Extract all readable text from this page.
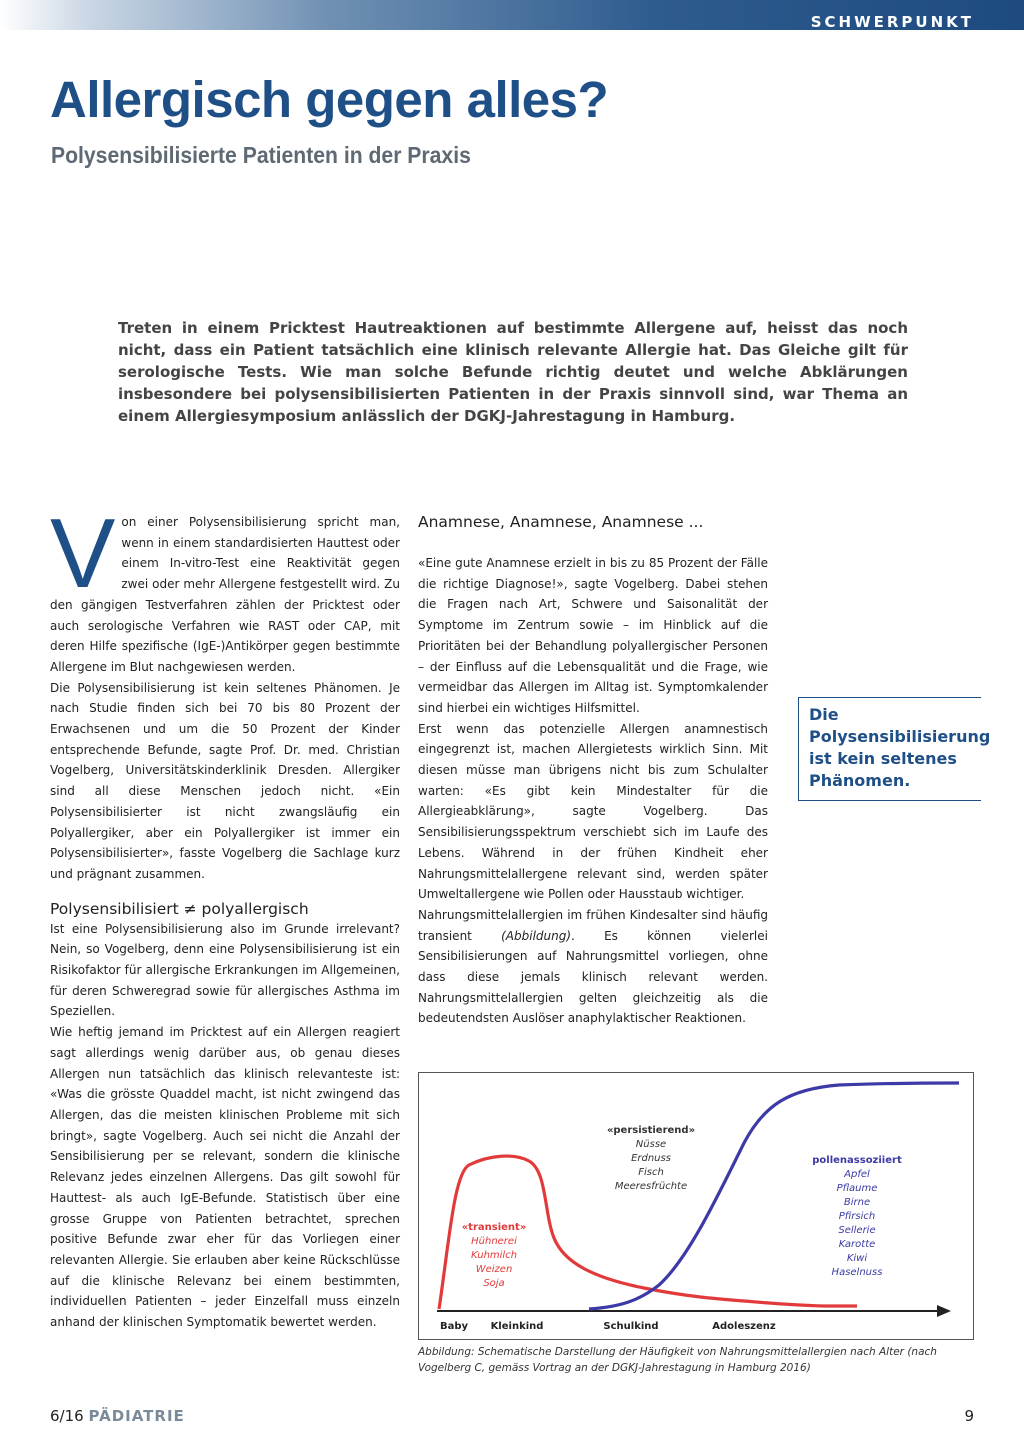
SCHWERPUNKT
Allergisch gegen alles?
Polysensibilisierte Patienten in der Praxis

Treten in einem Pricktest Hautreaktionen auf bestimmte Allergene auf, heisst das noch nicht, dass ein Patient tatsächlich eine klinisch relevante Allergie hat. Das Gleiche gilt für serologische Tests. Wie man solche Befunde richtig deutet und welche Abklärungen insbesondere bei polysensibilisierten Patienten in der Praxis sinnvoll sind, war Thema an einem Allergiesymposium anlässlich der DGKJ-Jahrestagung in Hamburg.

Von einer Polysensibilisierung spricht man, wenn in einem standardisierten Hauttest oder einem In-vitro-Test eine Reaktivität gegen zwei oder mehr Allergene festgestellt wird. Zu den gängigen Testverfahren zählen der Pricktest oder auch serologische Verfahren wie RAST oder CAP, mit deren Hilfe spezifische (IgE-)Antikörper gegen bestimmte Allergene im Blut nachgewiesen werden.

Die Polysensibilisierung ist kein seltenes Phänomen. Je nach Studie finden sich bei 70 bis 80 Prozent der Erwachsenen und um die 50 Prozent der Kinder entsprechende Befunde, sagte Prof. Dr. med. Christian Vogelberg, Universitätskinderklinik Dresden. Allergiker sind all diese Menschen jedoch nicht. «Ein Polysensibilisierter ist nicht zwangsläufig ein Polyallergiker, aber ein Polyallergiker ist immer ein Polysensibilisierter», fasste Vogelberg die Sachlage kurz und prägnant zusammen.

Polysensibilisiert ≠ polyallergisch

Ist eine Polysensibilisierung also im Grunde irrelevant? Nein, so Vogelberg, denn eine Polysensibilisierung ist ein Risikofaktor für allergische Erkrankungen im Allgemeinen, für deren Schweregrad sowie für allergisches Asthma im Speziellen.

Wie heftig jemand im Pricktest auf ein Allergen reagiert sagt allerdings wenig darüber aus, ob genau dieses Allergen nun tatsächlich das klinisch relevanteste ist: «Was die grösste Quaddel macht, ist nicht zwingend das Allergen, das die meisten klinischen Probleme mit sich bringt», sagte Vogelberg. Auch sei nicht die Anzahl der Sensibilisierung per se relevant, sondern die klinische Relevanz jedes einzelnen Allergens. Das gilt sowohl für Hauttest- als auch IgE-Befunde. Statistisch über eine grosse Gruppe von Patienten betrachtet, sprechen positive Befunde zwar eher für das Vorliegen einer relevanten Allergie. Sie erlauben aber keine Rückschlüsse auf die klinische Relevanz bei einem bestimmten, individuellen Patienten – jeder Einzelfall muss einzeln anhand der klinischen Symptomatik bewertet werden.

Anamnese, Anamnese, Anamnese ...

«Eine gute Anamnese erzielt in bis zu 85 Prozent der Fälle die richtige Diagnose!», sagte Vogelberg. Dabei stehen die Fragen nach Art, Schwere und Saisonalität der Symptome im Zentrum sowie – im Hinblick auf die Prioritäten bei der Behandlung polyallergischer Personen – der Einfluss auf die Lebensqualität und die Frage, wie vermeidbar das Allergen im Alltag ist. Symptomkalender sind hierbei ein wichtiges Hilfsmittel.

Erst wenn das potenzielle Allergen anamnestisch eingegrenzt ist, machen Allergietests wirklich Sinn. Mit diesen müsse man übrigens nicht bis zum Schulalter warten: «Es gibt kein Mindestalter für die Allergieabklärung», sagte Vogelberg. Das Sensibilisierungsspektrum verschiebt sich im Laufe des Lebens. Während in der frühen Kindheit eher Nahrungsmittelallergene relevant sind, werden später Umweltallergene wie Pollen oder Hausstaub wichtiger.

Nahrungsmittelallergien im frühen Kindesalter sind häufig transient (Abbildung). Es können vielerlei Sensibilisierungen auf Nahrungsmittel vorliegen, ohne dass diese jemals klinisch relevant werden. Nahrungsmittelallergien gelten gleichzeitig als die bedeutendsten Auslöser anaphylaktischer Reaktionen.

Die Polysensibilisierung ist kein seltenes Phänomen.
Baby Kleinkind	Schulkind	Adoleszenz
«transient»
Hühnerei
Kuhmilch
Weizen
Soja
«persistierend»
Nüsse
Erdnuss
Fisch
Meeresfrüchte
pollenassoziiert
Apfel
Pflaume
Birne
Pfirsich
Sellerie
Karotte
Kiwi
Haselnuss

Abbildung: Schematische Darstellung der Häufigkeit von Nahrungsmittelallergien nach Alter (nach Vogelberg C, gemäss Vortrag an der DGKJ-Jahrestagung in Hamburg 2016)

6/16 PÄDIATRIE	9
